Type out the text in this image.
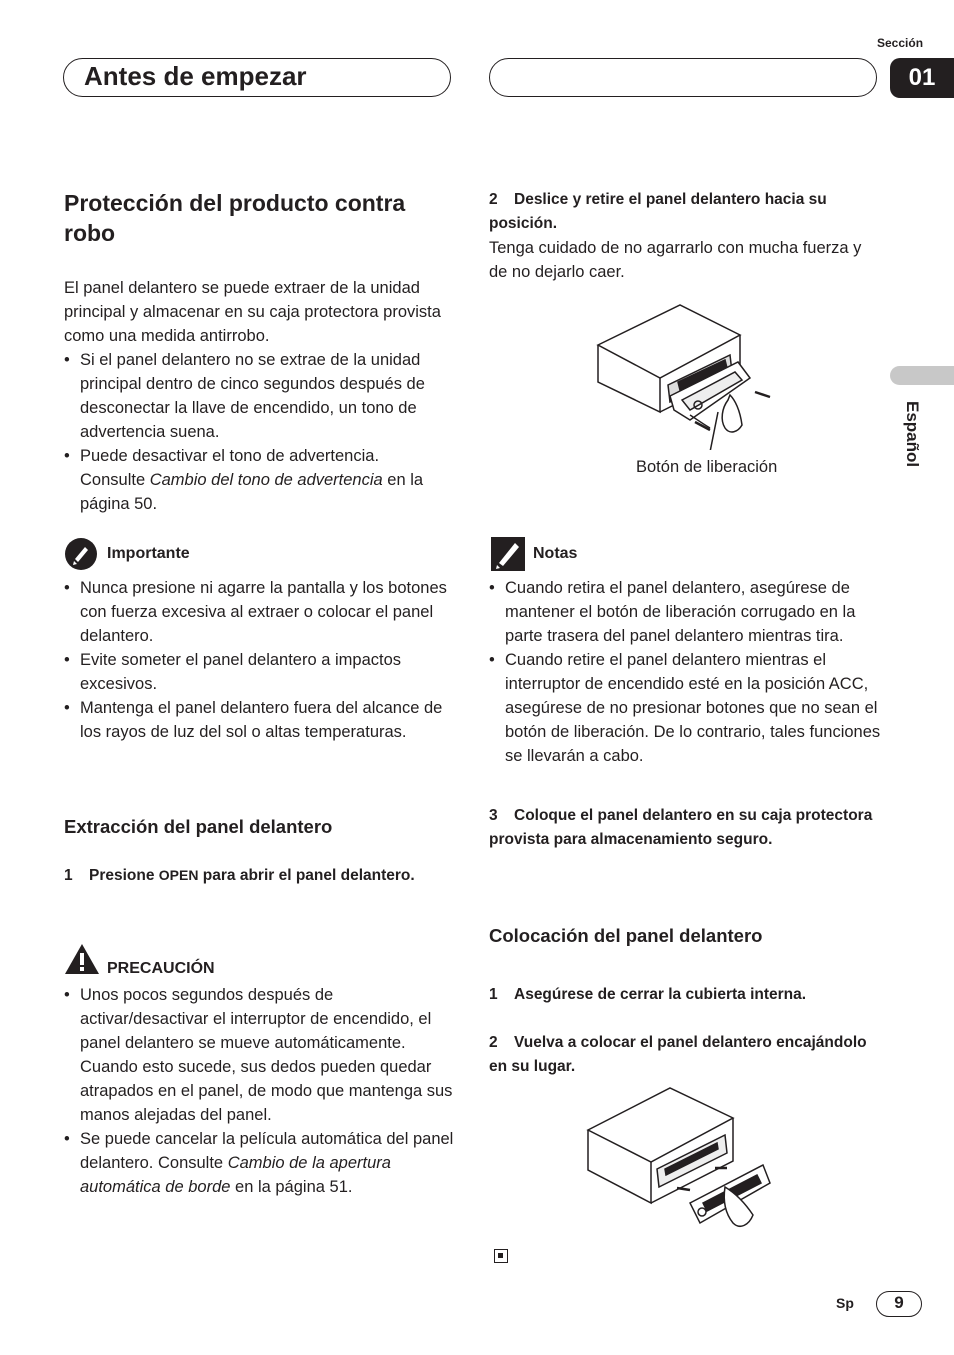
Antes de empezar
Sección
01
Español
Protección del producto contra robo

El panel delantero se puede extraer de la unidad principal y almacenar en su caja protectora provista como una medida antirrobo.

• Si el panel delantero no se extrae de la unidad principal dentro de cinco segundos después de desconectar la llave de encendido, un tono de advertencia suena.
• Puede desactivar el tono de advertencia.
Consulte Cambio del tono de advertencia en la página 50.
Importante
• Nunca presione ni agarre la pantalla y los botones con fuerza excesiva al extraer o colocar el panel delantero.
• Evite someter el panel delantero a impactos excesivos.
• Mantenga el panel delantero fuera del alcance de los rayos de luz del sol o altas temperaturas.
Extracción del panel delantero
1 Presione OPEN para abrir el panel delantero.
PRECAUCIÓN
• Unos pocos segundos después de activar/desactivar el interruptor de encendido, el panel delantero se mueve automáticamente. Cuando esto sucede, sus dedos pueden quedar atrapados en el panel, de modo que mantenga sus manos alejadas del panel.
• Se puede cancelar la película automática del panel delantero. Consulte Cambio de la apertura automática de borde en la página 51.

2 Deslice y retire el panel delantero hacia su posición.

Tenga cuidado de no agarrarlo con mucha fuerza y de no dejarlo caer.

Botón de liberación
Notas
• Cuando retira el panel delantero, asegúrese de mantener el botón de liberación corrugado en la parte trasera del panel delantero mientras tira.
• Cuando retire el panel delantero mientras el interruptor de encendido esté en la posición ACC, asegúrese de no presionar botones que no sean el botón de liberación. De lo contrario, tales funciones se llevarán a cabo.
3 Coloque el panel delantero en su caja protectora provista para almacenamiento seguro.
Colocación del panel delantero
1 Asegúrese de cerrar la cubierta interna.
2 Vuelva a colocar el panel delantero encajándolo en su lugar.
Sp	9
